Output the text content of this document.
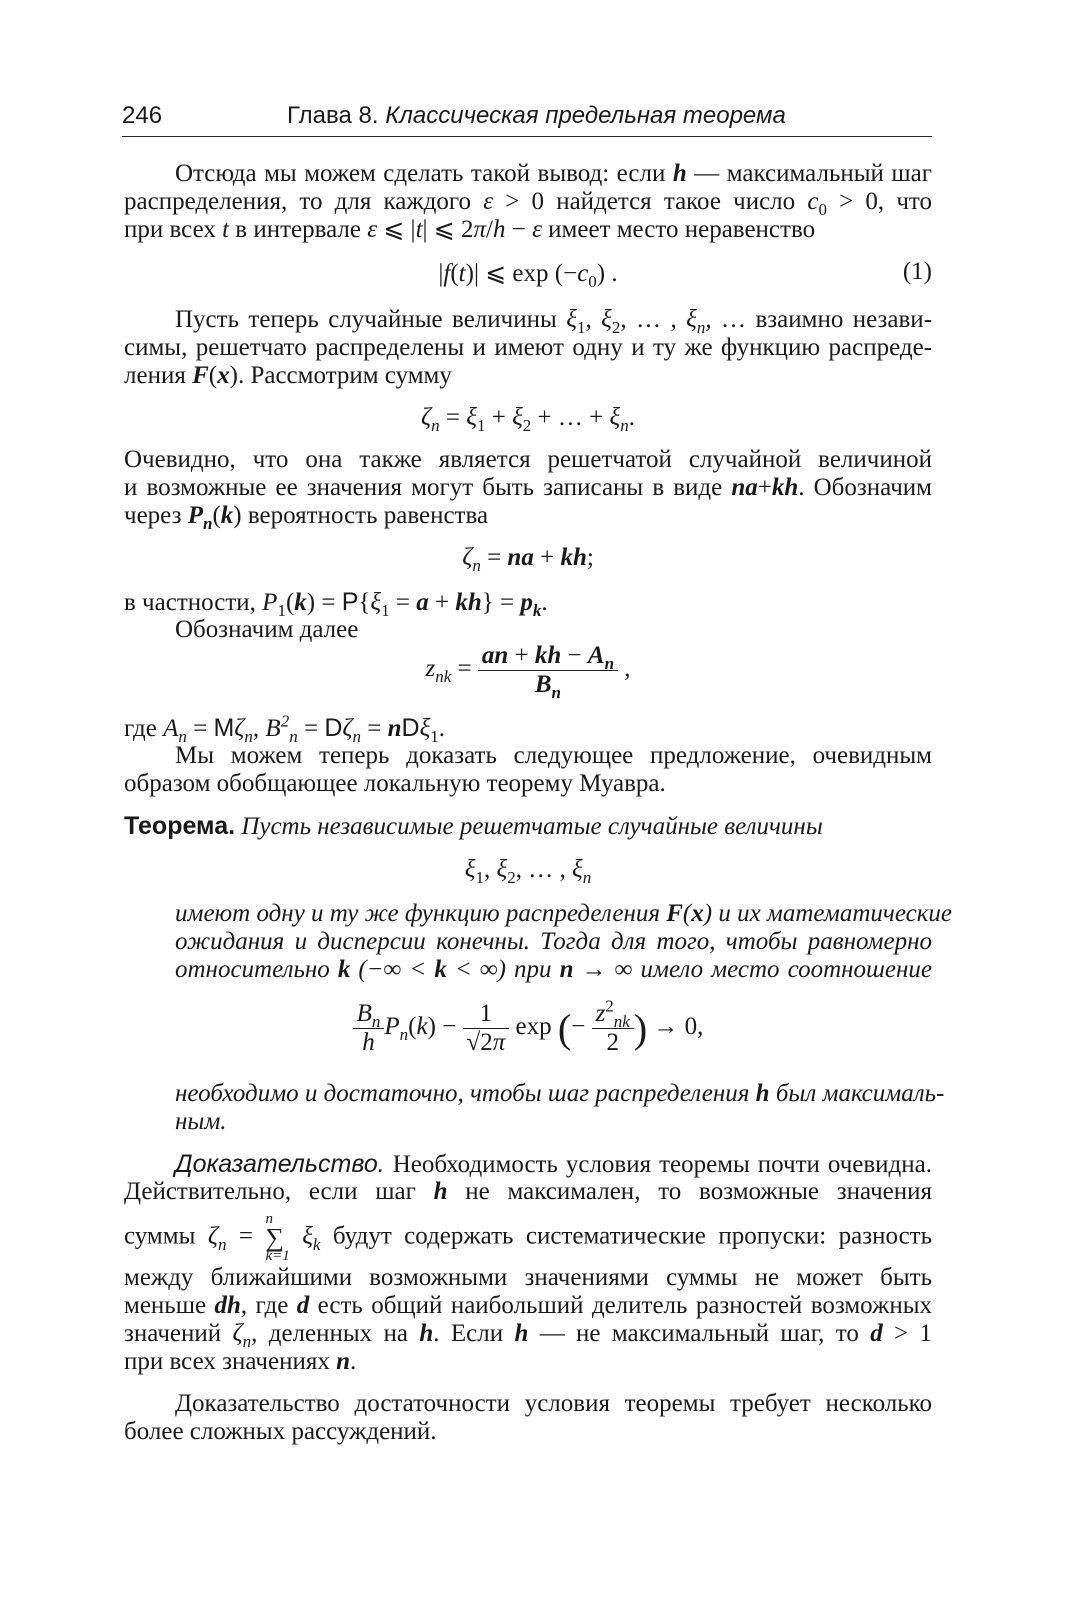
246	Глава 8. Классическая предельная теорема
Отсюда мы можем сделать такой вывод: если h — максимальный шаг
распределения, то для каждого ε > 0 найдется такое число $c_0 > 0$, что
при всех t в интервале ε ⩽ |t| ⩽ 2π/h − ε имеет место неравенство
|f(t)| ⩽ $\exp (-c_0)$ .	(1)
Пусть теперь случайные величины $\xi_1$, $\xi_2$, … , $\xi_n$, … взаимно незави-
симы, решетчато распределены и имеют одну и ту же функцию распреде-
ления F(x). Рассмотрим сумму
$\zeta_n = \xi_1 + \xi_2$ + … + $\xi_n$.
Очевидно, что она также является решетчатой случайной величиной
и возможные ее значения могут быть записаны в виде na+kh. Обозначим
через $P_n(k)$ вероятность равенства
$\zeta_n$ = na + kh;
в частности, $P_1(k) = P\{\xi_1 = a + kh\} = p_k$.
Обозначим далее
$z_{nk} = \frac{an + kh - A_n}{B_n}$ ,
где $A_n = M\zeta_n$, $B^2_n = D\zeta_n = nD\xi_1$.
Мы можем теперь доказать следующее предложение, очевидным
образом обобщающее локальную теорему Муавра.
Теорема. Пусть независимые решетчатые случайные величины
$\xi_1$, $\xi_2$, … , $\xi_n$
имеют одну и ту же функцию распределения F(x) и их математические
ожидания и дисперсии конечны. Тогда для того, чтобы равномерно
относительно k (−∞ < k < ∞) при n → ∞ имело место соотношение
$\frac{B_n}{h} P_n(k) - \frac{1}{√2\pi}$ exp (− $\frac{z^2_{nk}}{2}$ ) → 0,
необходимо и достаточно, чтобы шаг распределения h был максималь-
ным.
Доказательство. Необходимость условия теоремы почти очевидна.
Действительно, если шаг h не максимален, то возможные значения
суммы $\zeta_n$ =
n
∑
k=1
$\xi_k$ будут содержать систематические пропуски: разность
между ближайшими возможными значениями суммы не может быть
меньше dh, где d есть общий наибольший делитель разностей возможных
значений $\zeta_n$, деленных на h. Если h — не максимальный шаг, то d > 1
при всех значениях n.
Доказательство достаточности условия теоремы требует несколько
более сложных рассуждений.
